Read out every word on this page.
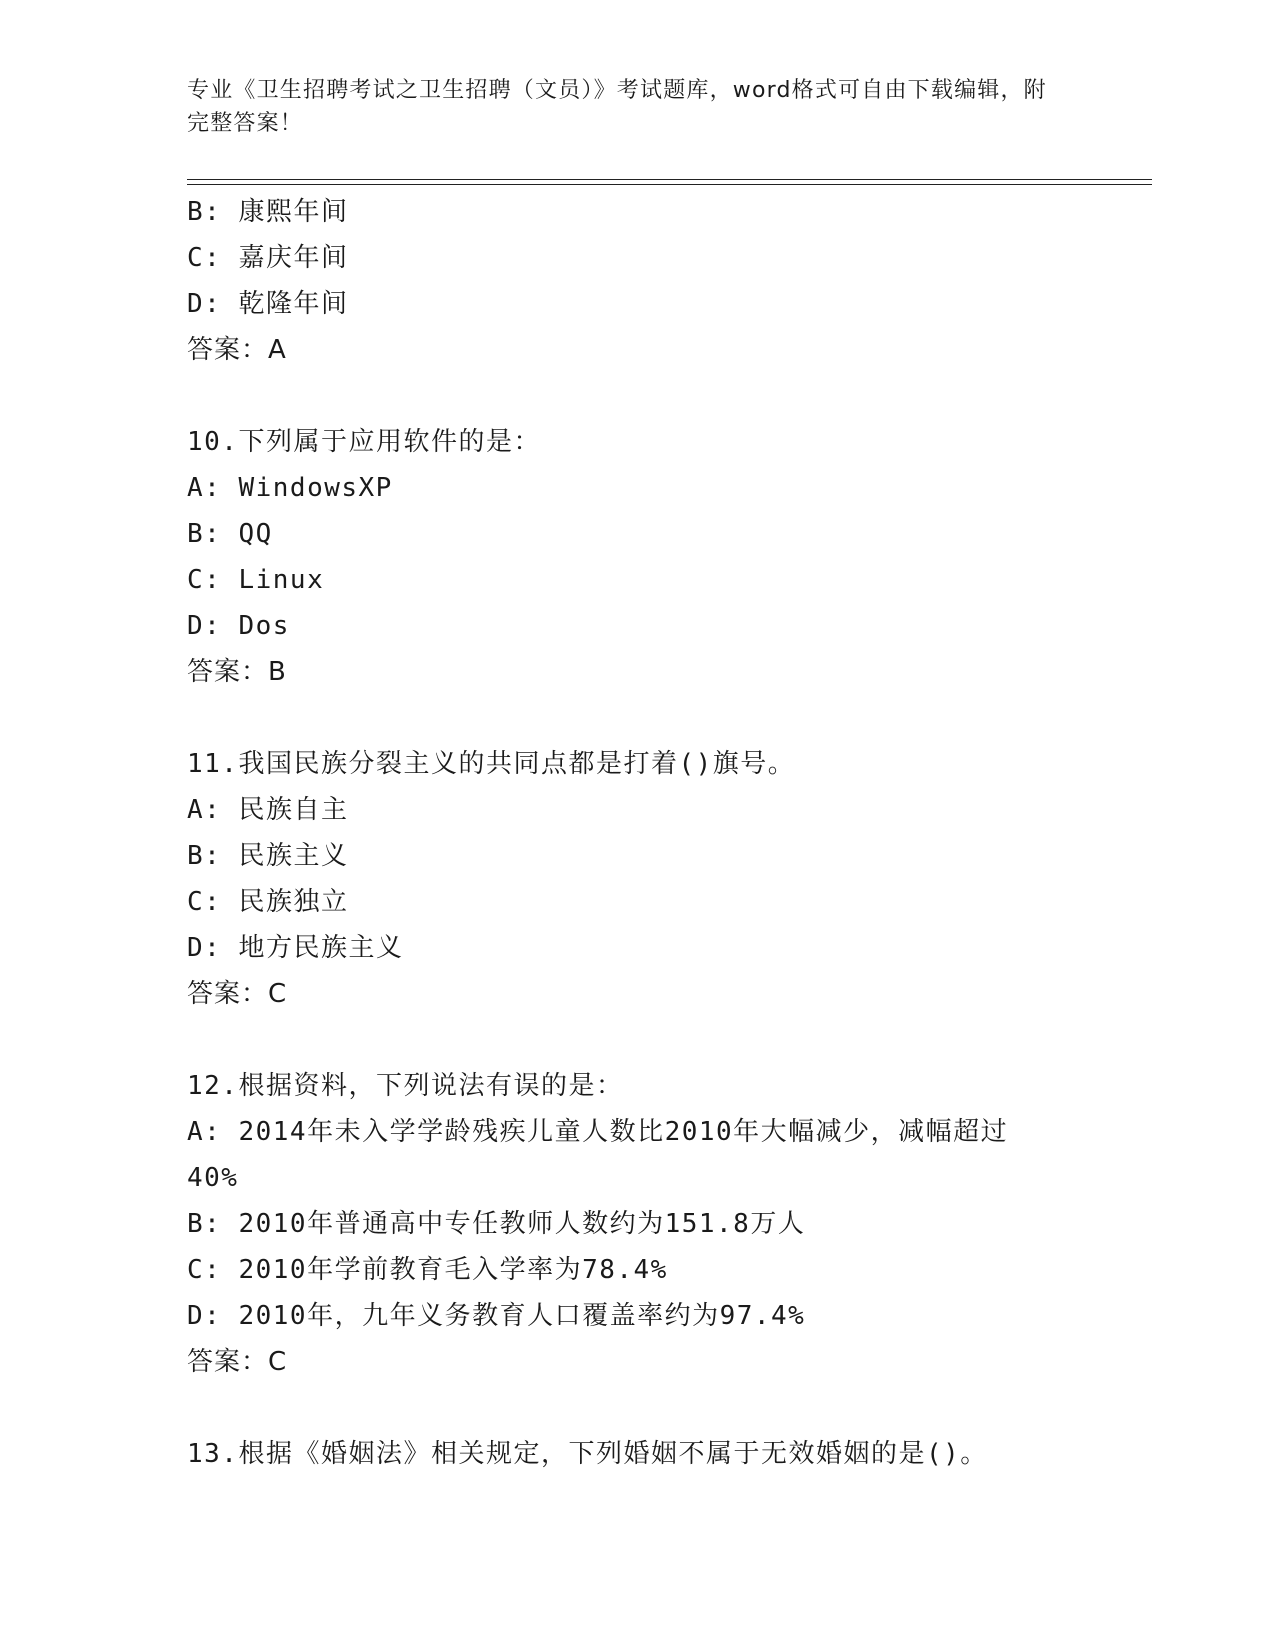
专业《卫生招聘考试之卫生招聘（文员）》考试题库，word格式可自由下载编辑，附完整答案！
B: 康熙年间
C: 嘉庆年间
D: 乾隆年间
答案：A
10.下列属于应用软件的是：
A: WindowsXP
B: QQ
C: Linux
D: Dos
答案：B
11.我国民族分裂主义的共同点都是打着()旗号。
A: 民族自主
B: 民族主义
C: 民族独立
D: 地方民族主义
答案：C
12.根据资料，下列说法有误的是：
A: 2014年未入学学龄残疾儿童人数比2010年大幅减少，减幅超过40%
B: 2010年普通高中专任教师人数约为151.8万人
C: 2010年学前教育毛入学率为78.4%
D: 2010年，九年义务教育人口覆盖率约为97.4%
答案：C
13.根据《婚姻法》相关规定，下列婚姻不属于无效婚姻的是()。
